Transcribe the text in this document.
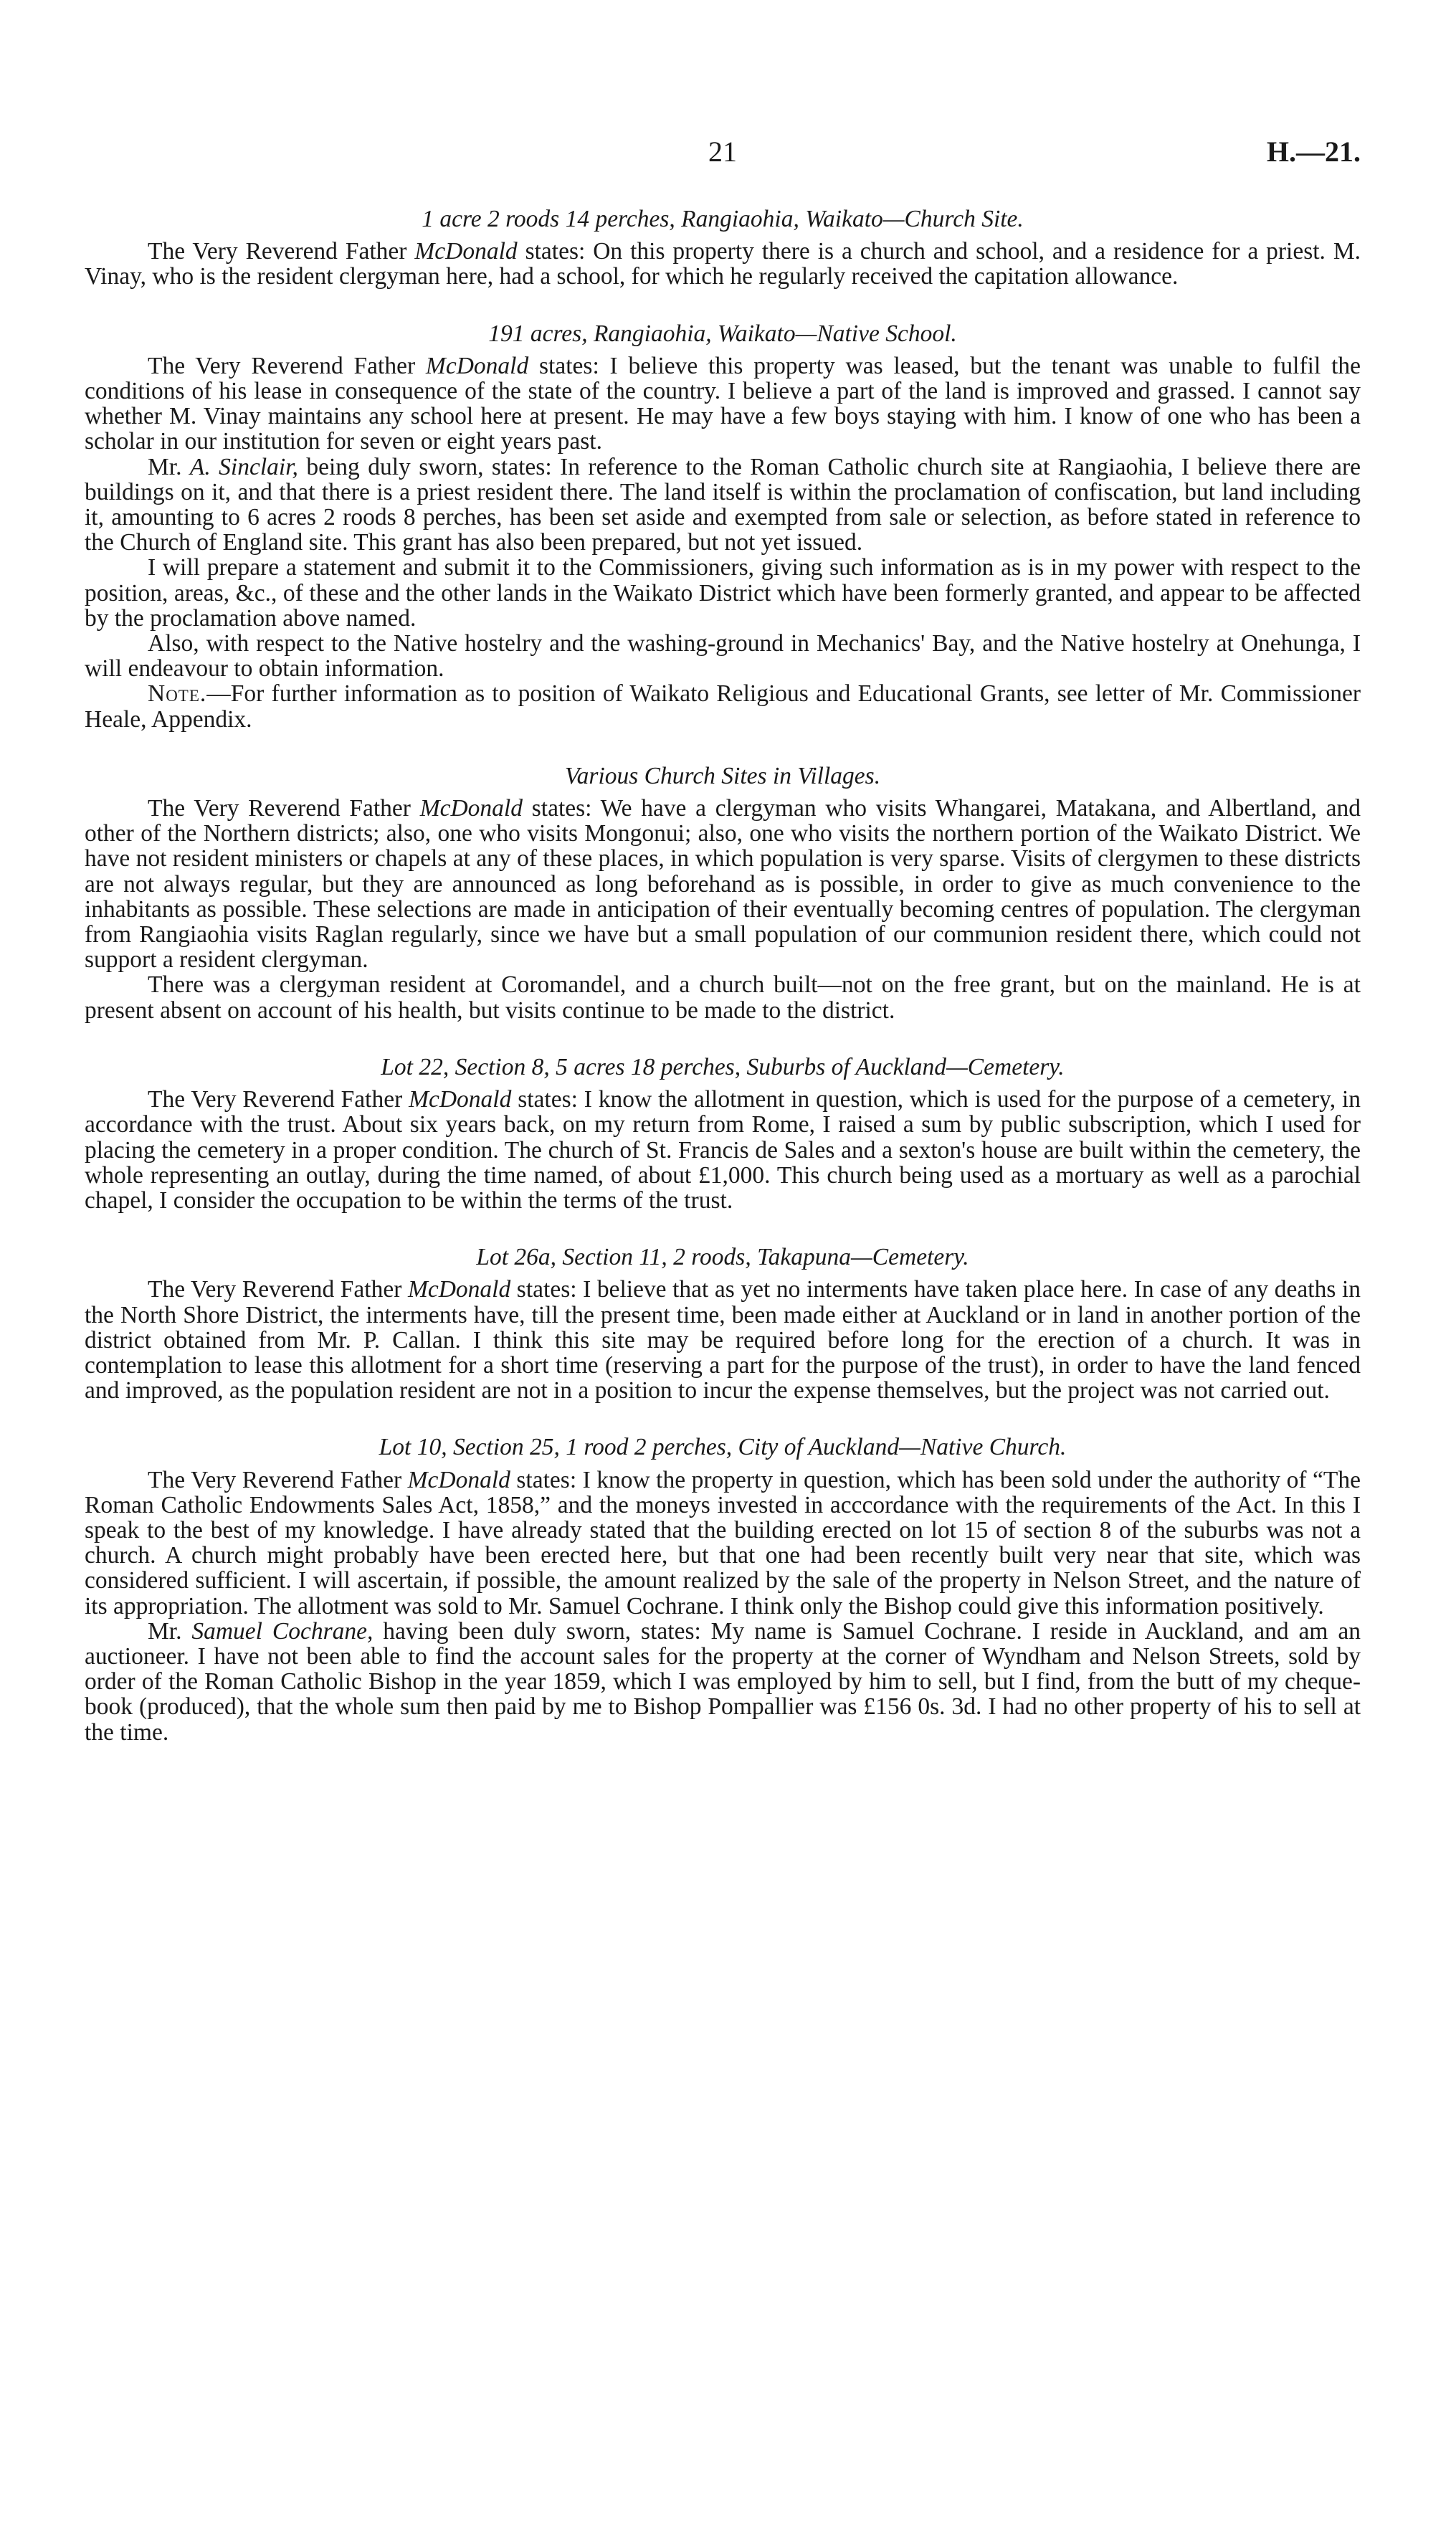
21	H.—21.
1 acre 2 roods 14 perches, Rangiaohia, Waikato—Church Site.

The Very Reverend Father McDonald states: On this property there is a church and school, and a residence for a priest. M. Vinay, who is the resident clergyman here, had a school, for which he regularly received the capitation allowance.

191 acres, Rangiaohia, Waikato—Native School.

The Very Reverend Father McDonald states: I believe this property was leased, but the tenant was unable to fulfil the conditions of his lease in consequence of the state of the country. I believe a part of the land is improved and grassed. I cannot say whether M. Vinay maintains any school here at present. He may have a few boys staying with him. I know of one who has been a scholar in our institution for seven or eight years past.

Mr. A. Sinclair, being duly sworn, states: In reference to the Roman Catholic church site at Rangiaohia, I believe there are buildings on it, and that there is a priest resident there. The land itself is within the proclamation of confiscation, but land including it, amounting to 6 acres 2 roods 8 perches, has been set aside and exempted from sale or selection, as before stated in reference to the Church of England site. This grant has also been prepared, but not yet issued.

I will prepare a statement and submit it to the Commissioners, giving such information as is in my power with respect to the position, areas, &c., of these and the other lands in the Waikato District which have been formerly granted, and appear to be affected by the proclamation above named.

Also, with respect to the Native hostelry and the washing-ground in Mechanics' Bay, and the Native hostelry at Onehunga, I will endeavour to obtain information.

Note.—For further information as to position of Waikato Religious and Educational Grants, see letter of Mr. Commissioner Heale, Appendix.

Various Church Sites in Villages.

The Very Reverend Father McDonald states: We have a clergyman who visits Whangarei, Matakana, and Albertland, and other of the Northern districts; also, one who visits Mongonui; also, one who visits the northern portion of the Waikato District. We have not resident ministers or chapels at any of these places, in which population is very sparse. Visits of clergymen to these districts are not always regular, but they are announced as long beforehand as is possible, in order to give as much convenience to the inhabitants as possible. These selections are made in anticipation of their eventually becoming centres of population. The clergyman from Rangiaohia visits Raglan regularly, since we have but a small population of our communion resident there, which could not support a resident clergyman.

There was a clergyman resident at Coromandel, and a church built—not on the free grant, but on the mainland. He is at present absent on account of his health, but visits continue to be made to the district.

Lot 22, Section 8, 5 acres 18 perches, Suburbs of Auckland—Cemetery.

The Very Reverend Father McDonald states: I know the allotment in question, which is used for the purpose of a cemetery, in accordance with the trust. About six years back, on my return from Rome, I raised a sum by public subscription, which I used for placing the cemetery in a proper condition. The church of St. Francis de Sales and a sexton's house are built within the cemetery, the whole representing an outlay, during the time named, of about £1,000. This church being used as a mortuary as well as a parochial chapel, I consider the occupation to be within the terms of the trust.

Lot 26a, Section 11, 2 roods, Takapuna—Cemetery.

The Very Reverend Father McDonald states: I believe that as yet no interments have taken place here. In case of any deaths in the North Shore District, the interments have, till the present time, been made either at Auckland or in land in another portion of the district obtained from Mr. P. Callan. I think this site may be required before long for the erection of a church. It was in contemplation to lease this allotment for a short time (reserving a part for the purpose of the trust), in order to have the land fenced and improved, as the population resident are not in a position to incur the expense themselves, but the project was not carried out.

Lot 10, Section 25, 1 rood 2 perches, City of Auckland—Native Church.

The Very Reverend Father McDonald states: I know the property in question, which has been sold under the authority of “The Roman Catholic Endowments Sales Act, 1858,” and the moneys invested in acccordance with the requirements of the Act. In this I speak to the best of my knowledge. I have already stated that the building erected on lot 15 of section 8 of the suburbs was not a church. A church might probably have been erected here, but that one had been recently built very near that site, which was considered sufficient. I will ascertain, if possible, the amount realized by the sale of the property in Nelson Street, and the nature of its appropriation. The allotment was sold to Mr. Samuel Cochrane. I think only the Bishop could give this information positively.

Mr. Samuel Cochrane, having been duly sworn, states: My name is Samuel Cochrane. I reside in Auckland, and am an auctioneer. I have not been able to find the account sales for the property at the corner of Wyndham and Nelson Streets, sold by order of the Roman Catholic Bishop in the year 1859, which I was employed by him to sell, but I find, from the butt of my cheque-book (produced), that the whole sum then paid by me to Bishop Pompallier was £156 0s. 3d. I had no other property of his to sell at the time.
